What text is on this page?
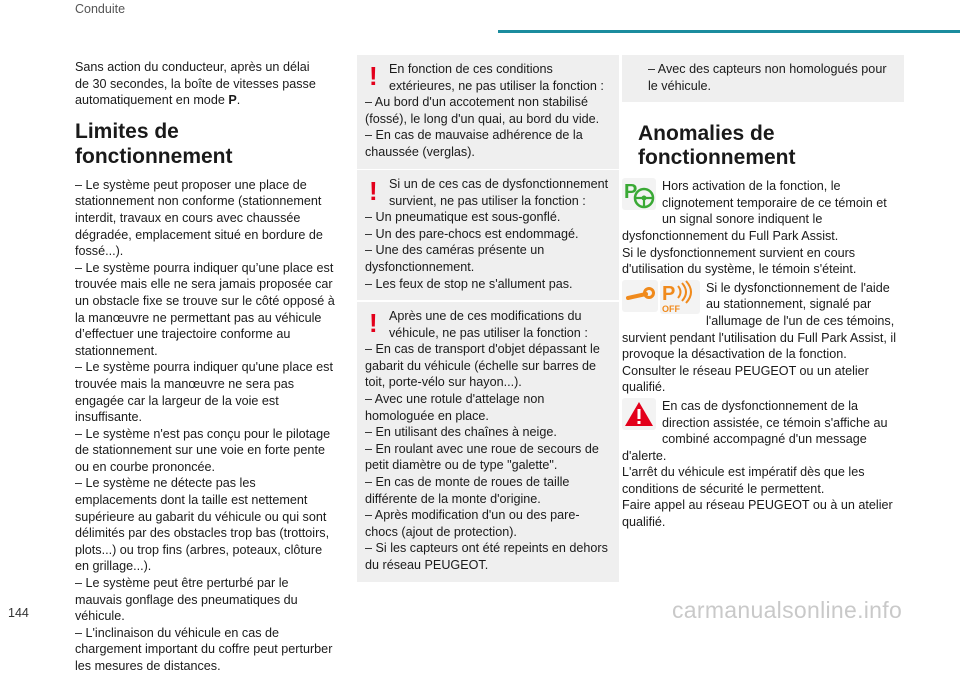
Conduite

Sans action du conducteur, après un délai
de 30 secondes, la boîte de vitesses passe
automatiquement en mode P.

Limites de fonctionnement

– Le système peut proposer une place de stationnement non conforme (stationnement interdit, travaux en cours avec chaussée dégradée, emplacement situé en bordure de fossé...).

– Le système pourra indiquer qu’une place est trouvée mais elle ne sera jamais proposée car un obstacle fixe se trouve sur le côté opposé à la manœuvre ne permettant pas au véhicule d’effectuer une trajectoire conforme au stationnement.

– Le système pourra indiquer qu'une place est trouvée mais la manœuvre ne sera pas engagée car la largeur de la voie est insuffisante.

– Le système n'est pas conçu pour le pilotage de stationnement sur une voie en forte pente ou en courbe prononcée.

– Le système ne détecte pas les emplacements dont la taille est nettement supérieure au gabarit du véhicule ou qui sont délimités par des obstacles trop bas (trottoirs, plots...) ou trop fins (arbres, poteaux, clôture en grillage...).

– Le système peut être perturbé par le mauvais gonflage des pneumatiques du véhicule.

– L'inclinaison du véhicule en cas de chargement important du coffre peut perturber les mesures de distances.

! En fonction de ces conditions extérieures, ne pas utiliser la fonction :

– Au bord d'un accotement non stabilisé (fossé), le long d'un quai, au bord du vide.

– En cas de mauvaise adhérence de la chaussée (verglas).

! Si un de ces cas de dysfonctionnement survient, ne pas utiliser la fonction :

– Un pneumatique est sous-gonflé.

– Un des pare-chocs est endommagé.

– Une des caméras présente un dysfonctionnement.

– Les feux de stop ne s'allument pas.

! Après une de ces modifications du véhicule, ne pas utiliser la fonction :

– En cas de transport d'objet dépassant le gabarit du véhicule (échelle sur barres de toit, porte-vélo sur hayon...).

– Avec une rotule d'attelage non homologuée en place.

– En utilisant des chaînes à neige.

– En roulant avec une roue de secours de petit diamètre ou de type "galette".

– En cas de monte de roues de taille différente de la monte d'origine.

– Après modification d'un ou des pare-chocs (ajout de protection).

– Si les capteurs ont été repeints en dehors du réseau PEUGEOT.

– Avec des capteurs non homologués pour le véhicule.

Anomalies de
fonctionnement
P	Hors activation de la fonction, le clignotement temporaire de ce témoin et un signal sonore indiquent le dysfonctionnement du Full Park Assist.

Si le dysfonctionnement survient en cours d'utilisation du système, le témoin s'éteint.

P
OFF

Si le dysfonctionnement de l'aide au stationnement, signalé par l'allumage de l'un de ces témoins, survient pendant l'utilisation du Full Park Assist, il provoque la désactivation de la fonction.

Consulter le réseau PEUGEOT ou un atelier qualifié.

En cas de dysfonctionnement de la direction assistée, ce témoin s'affiche au combiné accompagné d'un message d'alerte.

L'arrêt du véhicule est impératif dès que les conditions de sécurité le permettent.

Faire appel au réseau PEUGEOT ou à un atelier qualifié.

144	carmanualsonline.info
